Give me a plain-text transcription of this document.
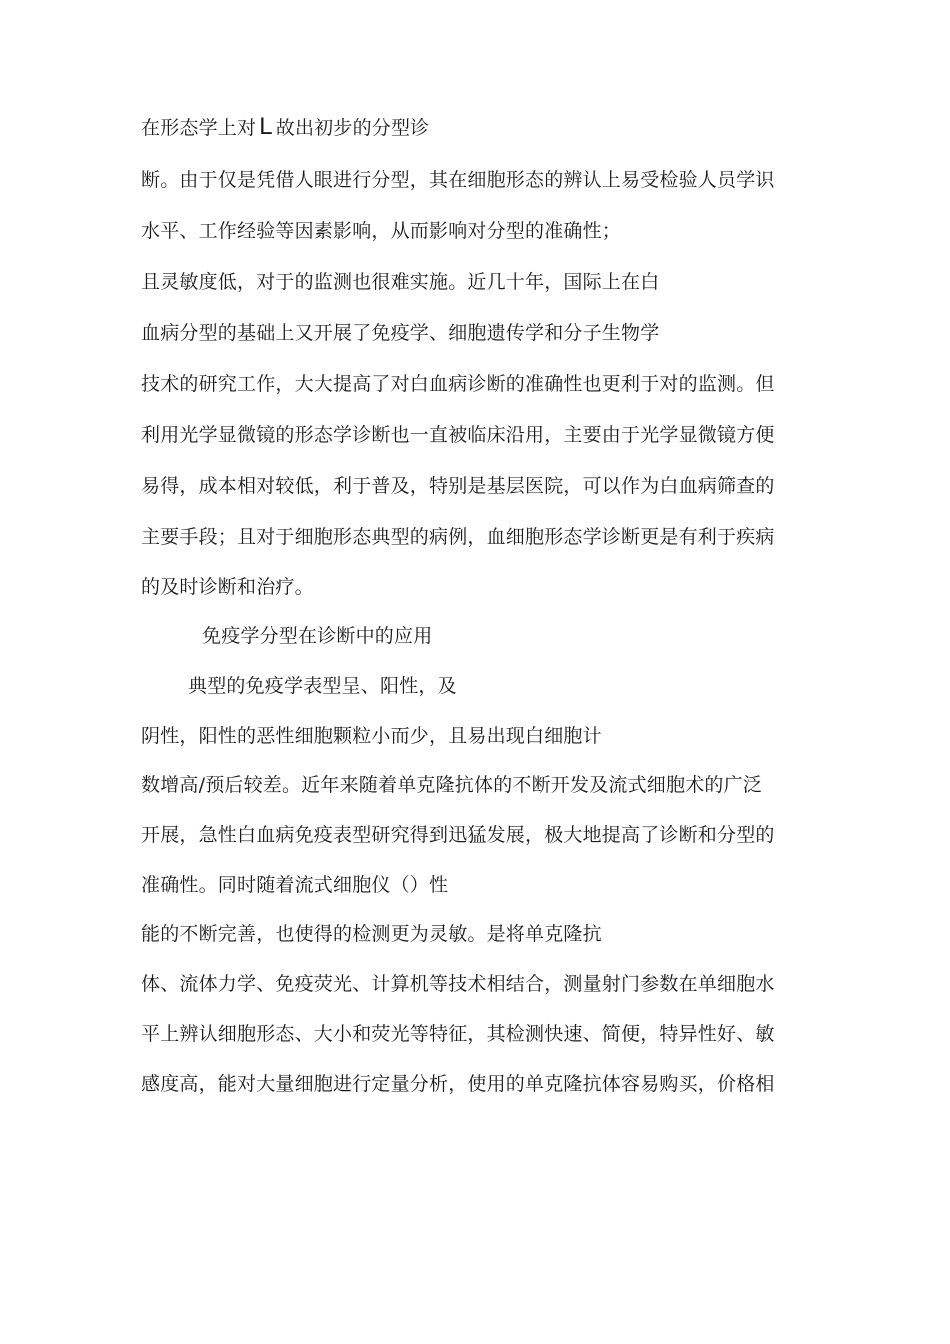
在形态学上对 L 故出初步的分型诊
断。由于仅是凭借人眼进行分型，其在细胞形态的辨认上易受检验人员学识
水平、工作经验等因素影响，从而影响对分型的准确性；
且灵敏度低，对于的监测也很难实施。近几十年，国际上在白
血病分型的基础上又开展了免疫学、细胞遗传学和分子生物学
技术的研究工作，大大提高了对白血病诊断的准确性也更利于对的监测。但
利用光学显微镜的形态学诊断也一直被临床沿用，主要由于光学显微镜方便
易得，成本相对较低，利于普及，特别是基层医院，可以作为白血病筛查的
主要手段；且对于细胞形态典型的病例，血细胞形态学诊断更是有利于疾病
的及时诊断和治疗。
免疫学分型在诊断中的应用
典型的免疫学表型呈、阳性，及
阴性，阳性的恶性细胞颗粒小而少，且易出现白细胞计
数增高/预后较差。近年来随着单克隆抗体的不断开发及流式细胞术的广泛
开展，急性白血病免疫表型研究得到迅猛发展，极大地提高了诊断和分型的
准确性。同时随着流式细胞仪（）性
能的不断完善，也使得的检测更为灵敏。是将单克隆抗
体、流体力学、免疫荧光、计算机等技术相结合，测量射门参数在单细胞水
平上辨认细胞形态、大小和荧光等特征，其检测快速、简便，特异性好、敏
感度高，能对大量细胞进行定量分析，使用的单克隆抗体容易购买，价格相
